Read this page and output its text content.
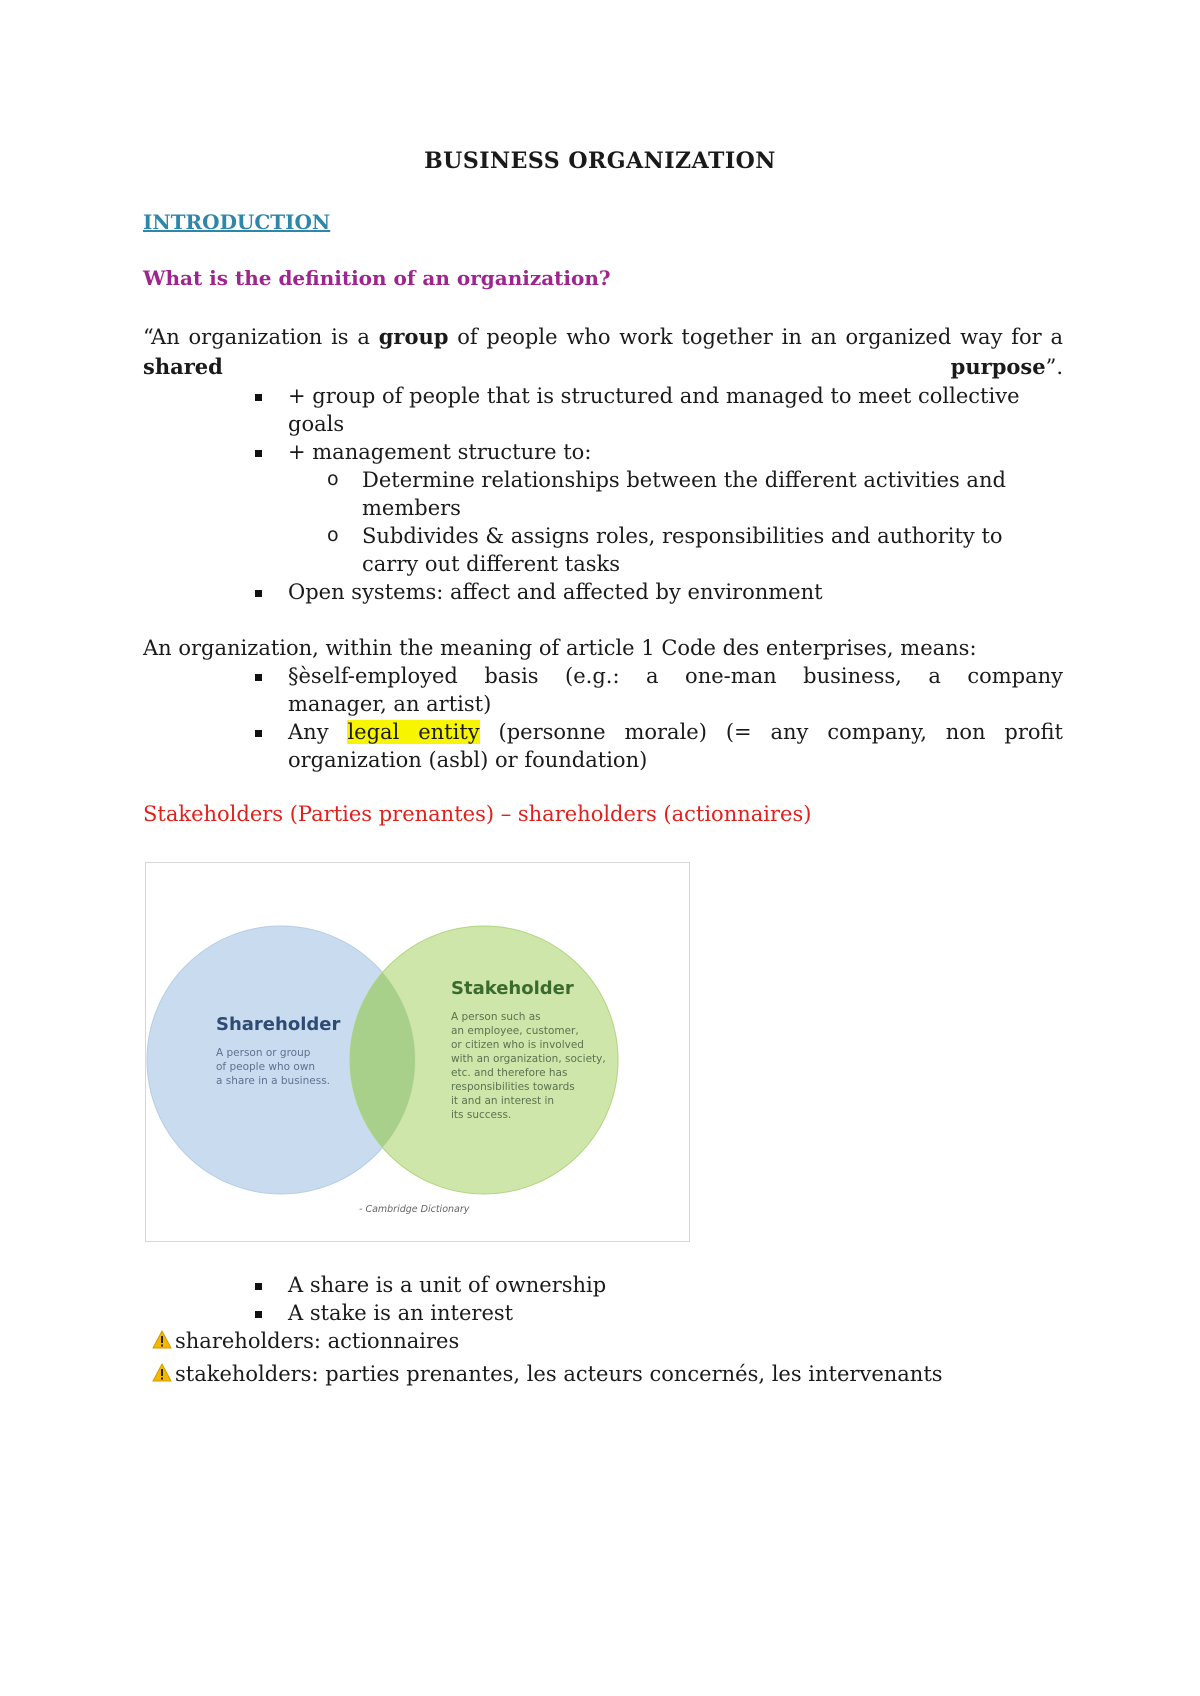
BUSINESS ORGANIZATION
INTRODUCTION
What is the definition of an organization?
“An organization is a group of people who work together in an organized way for a shared purpose”.
+ group of people that is structured and managed to meet collective
goals
+ management structure to:
o Determine relationships between the different activities and
members
o Subdivides & assigns roles, responsibilities and authority to
carry out different tasks
Open systems: affect and affected by environment
An organization, within the meaning of article 1 Code des enterprises, means:
§èself-employed basis (e.g.: a one-man business, a company
manager, an artist)
Any legal entity (personne morale) (= any company, non profit
organization (asbl) or foundation)
Stakeholders (Parties prenantes) – shareholders (actionnaires)
Shareholder
A person or group
of people who own
a share in a business.
Stakeholder
A person such as
an employee, customer,
or citizen who is involved
with an organization, society,
etc. and therefore has
responsibilities towards
it and an interest in
its success.
- Cambridge Dictionary
A share is a unit of ownership
A stake is an interest
shareholders: actionnaires
stakeholders: parties prenantes, les acteurs concernés, les intervenants
